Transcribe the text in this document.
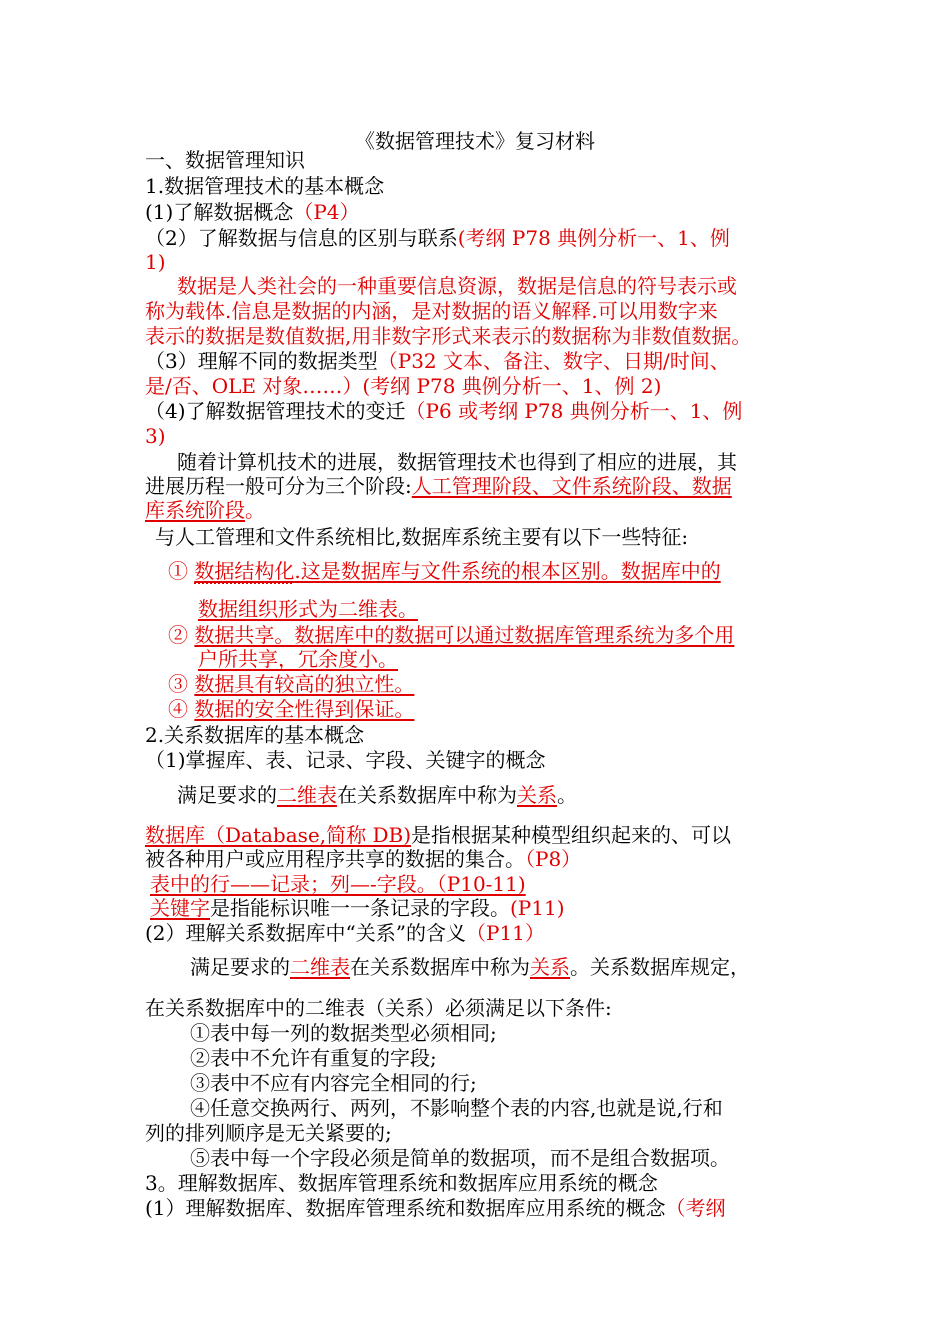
《数据管理技术》复习材料
一、数据管理知识
1.数据管理技术的基本概念
(1)了解数据概念（P4）
（2）了解数据与信息的区别与联系(考纲 P78 典例分析一、1、例
1)
数据是人类社会的一种重要信息资源，数据是信息的符号表示或
称为载体.信息是数据的内涵，是对数据的语义解释.可以用数字来
表示的数据是数值数据,用非数字形式来表示的数据称为非数值数据。
（3）理解不同的数据类型（P32 文本、备注、数字、日期/时间、
是/否、OLE 对象……）(考纲 P78 典例分析一、1、例 2)
（4)了解数据管理技术的变迁（P6 或考纲 P78 典例分析一、1、例
3)
随着计算机技术的进展，数据管理技术也得到了相应的进展，其
进展历程一般可分为三个阶段:人工管理阶段、文件系统阶段、数据
库系统阶段。
与人工管理和文件系统相比,数据库系统主要有以下一些特征:
① 数据结构化.这是数据库与文件系统的根本区别。数据库中的
数据组织形式为二维表。
② 数据共享。数据库中的数据可以通过数据库管理系统为多个用
户所共享，冗余度小。
③ 数据具有较高的独立性。
④ 数据的安全性得到保证。
2.关系数据库的基本概念
（1)掌握库、表、记录、字段、关键字的概念
满足要求的二维表在关系数据库中称为关系。
数据库（Database,简称 DB)是指根据某种模型组织起来的、可以
被各种用户或应用程序共享的数据的集合。（P8）
表中的行——记录；列—-字段。（P10-11)
关键字是指能标识唯一一条记录的字段。(P11)
(2）理解关系数据库中“关系”的含义（P11）
满足要求的二维表在关系数据库中称为关系。关系数据库规定，
在关系数据库中的二维表（关系）必须满足以下条件:
①表中每一列的数据类型必须相同;
②表中不允许有重复的字段;
③表中不应有内容完全相同的行;
④任意交换两行、两列，不影响整个表的内容,也就是说,行和
列的排列顺序是无关紧要的;
⑤表中每一个字段必须是简单的数据项，而不是组合数据项。
3。理解数据库、数据库管理系统和数据库应用系统的概念
(1）理解数据库、数据库管理系统和数据库应用系统的概念（考纲
